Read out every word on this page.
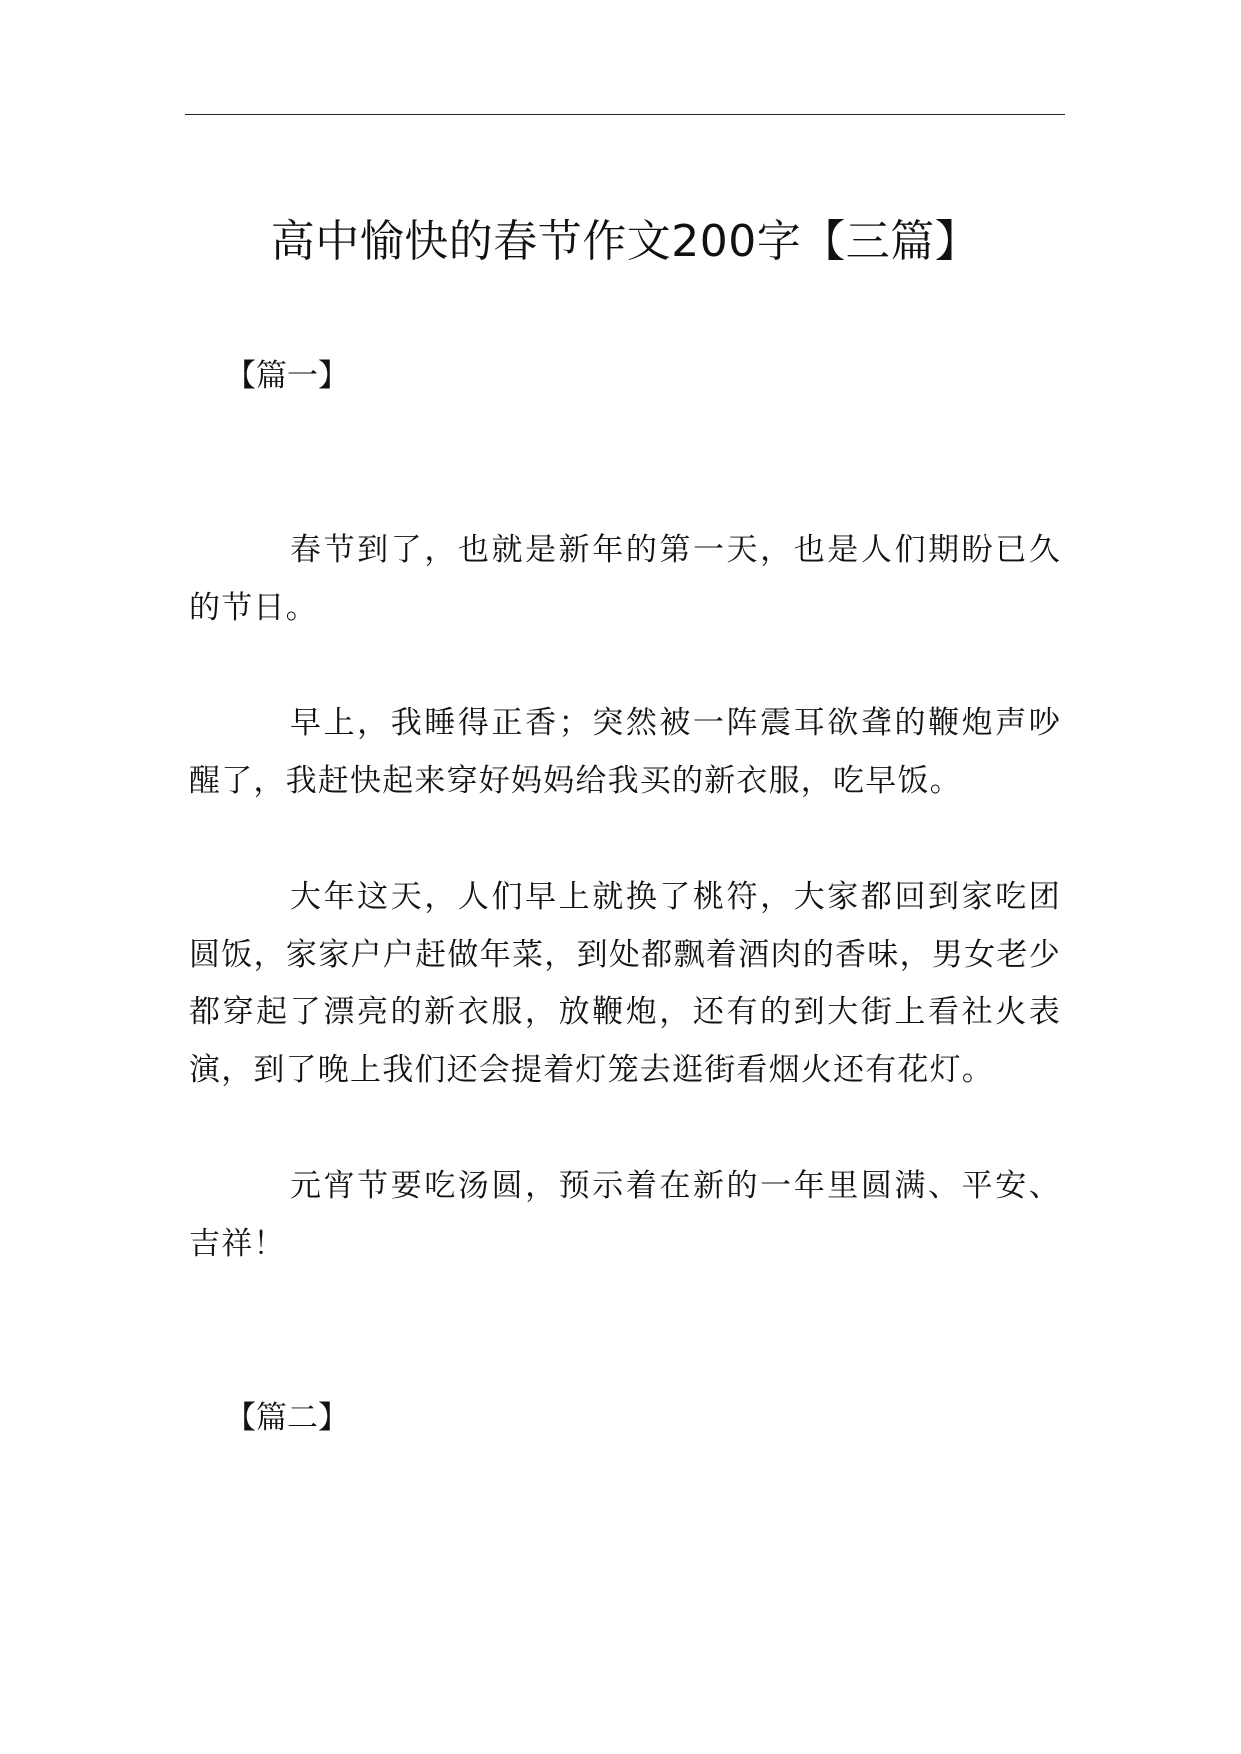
高中愉快的春节作文200字【三篇】

【篇一】

春节到了，也就是新年的第一天，也是人们期盼已久的节日。

早上，我睡得正香；突然被一阵震耳欲聋的鞭炮声吵醒了，我赶快起来穿好妈妈给我买的新衣服，吃早饭。

大年这天，人们早上就换了桃符，大家都回到家吃团圆饭，家家户户赶做年菜，到处都飘着酒肉的香味，男女老少都穿起了漂亮的新衣服，放鞭炮，还有的到大街上看社火表演，到了晚上我们还会提着灯笼去逛街看烟火还有花灯。

元宵节要吃汤圆，预示着在新的一年里圆满、平安、吉祥！

【篇二】
